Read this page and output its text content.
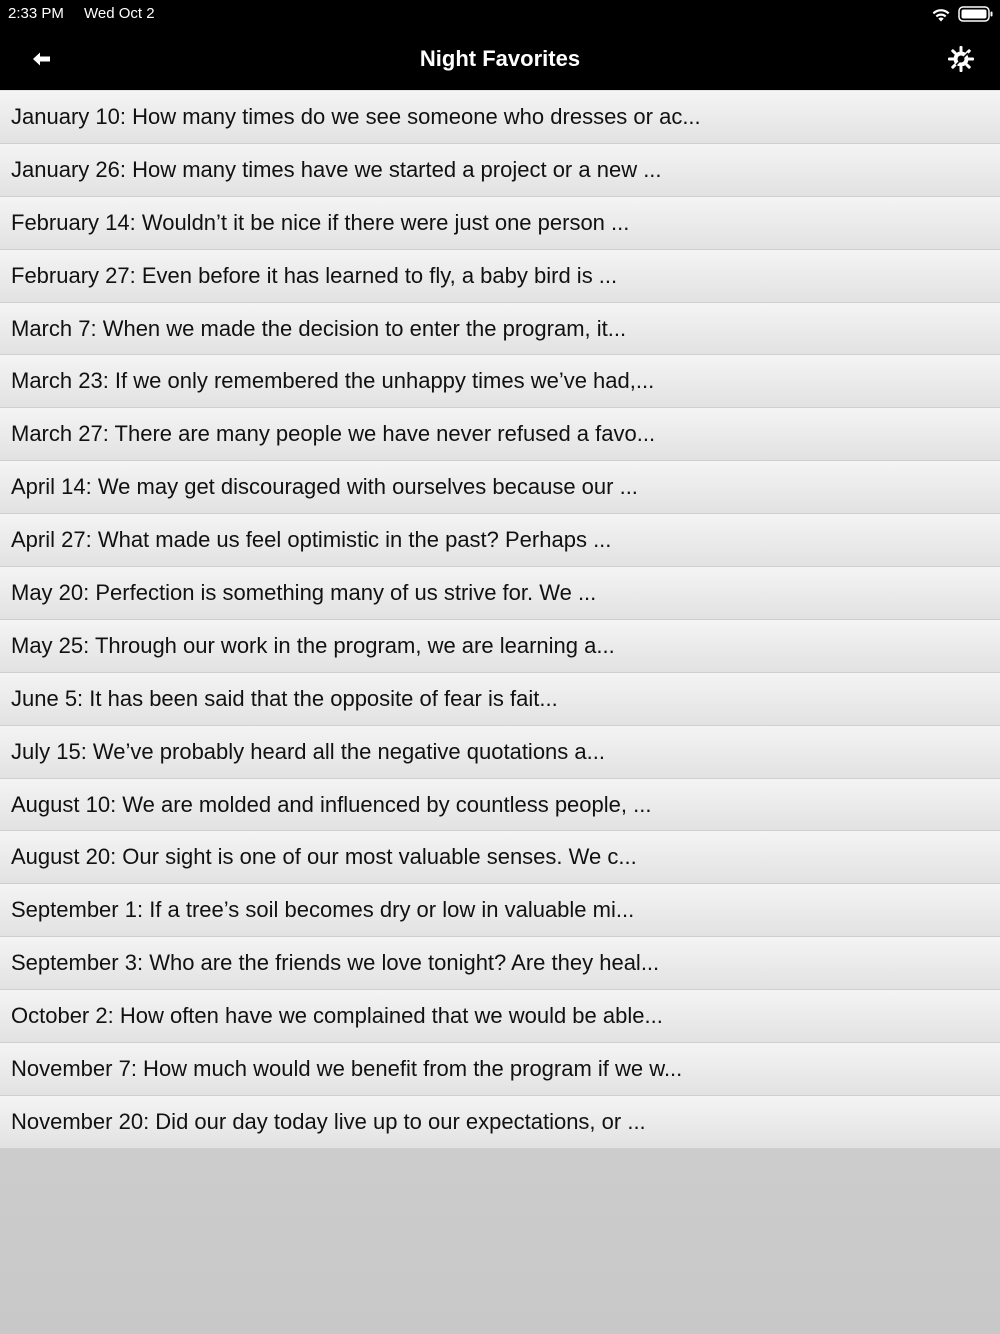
2:33 PM Wed Oct 2
Night Favorites
January 10: How many times do we see someone who dresses or ac...
January 26: How many times have we started a project or a new ...
February 14: Wouldn’t it be nice if there were just one person ...
February 27: Even before it has learned to fly, a baby bird is ...
March 7: When we made the decision to enter the program, it...
March 23: If we only remembered the unhappy times we’ve had,...
March 27: There are many people we have never refused a favo...
April 14: We may get discouraged with ourselves because our ...
April 27: What made us feel optimistic in the past? Perhaps ...
May 20: Perfection is something many of us strive for. We ...
May 25: Through our work in the program, we are learning a...
June 5: It has been said that the opposite of fear is fait...
July 15: We’ve probably heard all the negative quotations a...
August 10: We are molded and influenced by countless people, ...
August 20: Our sight is one of our most valuable senses. We c...
September 1: If a tree’s soil becomes dry or low in valuable mi...
September 3: Who are the friends we love tonight? Are they heal...
October 2: How often have we complained that we would be able...
November 7: How much would we benefit from the program if we w...
November 20: Did our day today live up to our expectations, or ...
